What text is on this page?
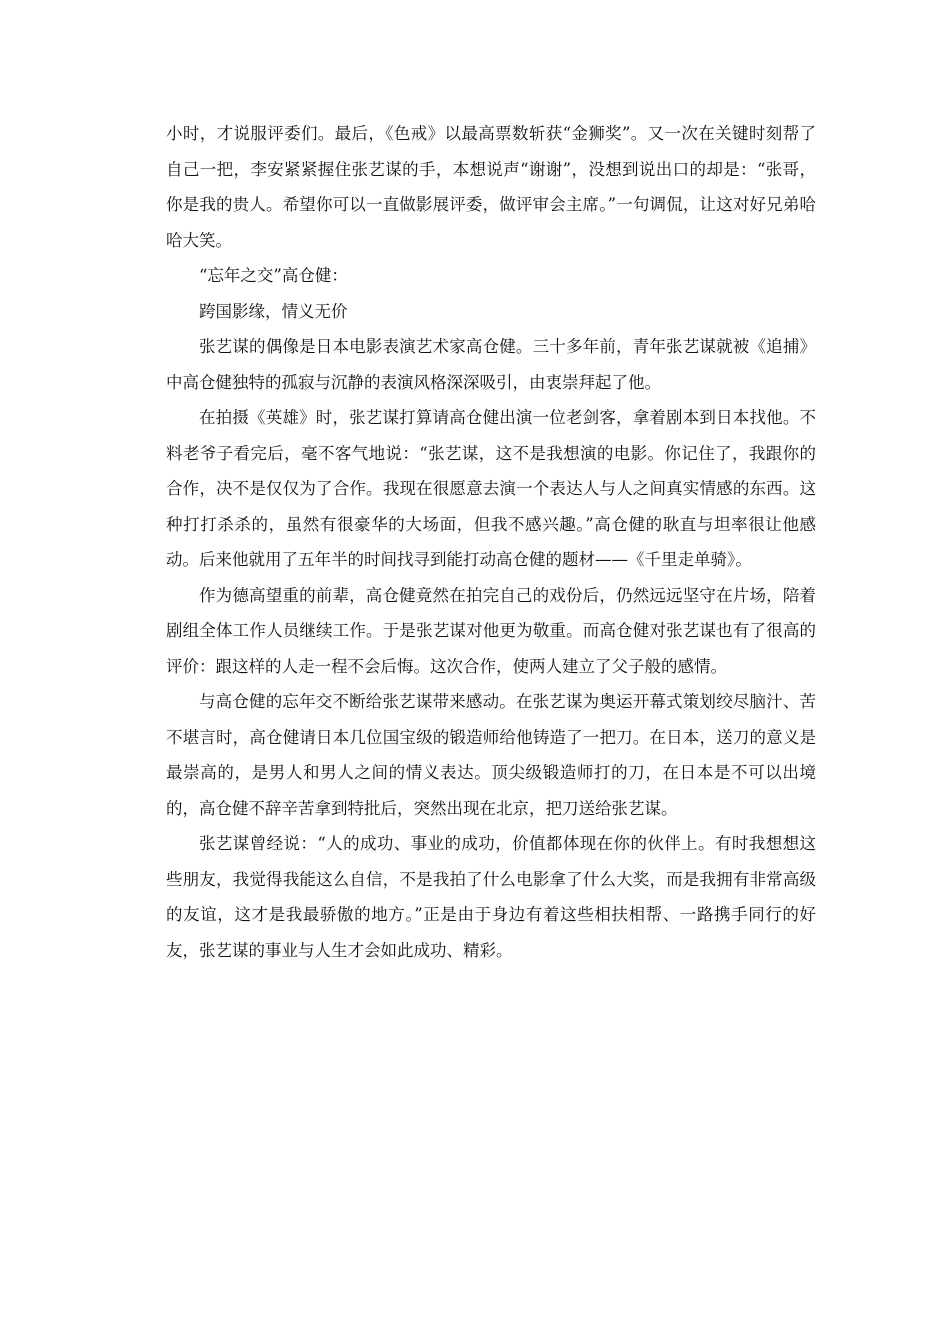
小时，才说服评委们。最后，《色戒》以最高票数斩获“金狮奖”。又一次在关键时刻帮了自己一把，李安紧紧握住张艺谋的手，本想说声“谢谢”，没想到说出口的却是：“张哥，你是我的贵人。希望你可以一直做影展评委，做评审会主席。”一句调侃，让这对好兄弟哈哈大笑。

“忘年之交”高仓健：

跨国影缘，情义无价

张艺谋的偶像是日本电影表演艺术家高仓健。三十多年前，青年张艺谋就被《追捕》中高仓健独特的孤寂与沉静的表演风格深深吸引，由衷崇拜起了他。

在拍摄《英雄》时，张艺谋打算请高仓健出演一位老剑客，拿着剧本到日本找他。不料老爷子看完后，毫不客气地说：“张艺谋，这不是我想演的电影。你记住了，我跟你的合作，决不是仅仅为了合作。我现在很愿意去演一个表达人与人之间真实情感的东西。这种打打杀杀的，虽然有很豪华的大场面，但我不感兴趣。”高仓健的耿直与坦率很让他感动。后来他就用了五年半的时间找寻到能打动高仓健的题材——《千里走单骑》。

作为德高望重的前辈，高仓健竟然在拍完自己的戏份后，仍然远远坚守在片场，陪着剧组全体工作人员继续工作。于是张艺谋对他更为敬重。而高仓健对张艺谋也有了很高的评价：跟这样的人走一程不会后悔。这次合作，使两人建立了父子般的感情。

与高仓健的忘年交不断给张艺谋带来感动。在张艺谋为奥运开幕式策划绞尽脑汁、苦不堪言时，高仓健请日本几位国宝级的锻造师给他铸造了一把刀。在日本，送刀的意义是最崇高的，是男人和男人之间的情义表达。顶尖级锻造师打的刀，在日本是不可以出境的，高仓健不辞辛苦拿到特批后，突然出现在北京，把刀送给张艺谋。

张艺谋曾经说：“人的成功、事业的成功，价值都体现在你的伙伴上。有时我想想这些朋友，我觉得我能这么自信，不是我拍了什么电影拿了什么大奖，而是我拥有非常高级的友谊，这才是我最骄傲的地方。”正是由于身边有着这些相扶相帮、一路携手同行的好友，张艺谋的事业与人生才会如此成功、精彩。
